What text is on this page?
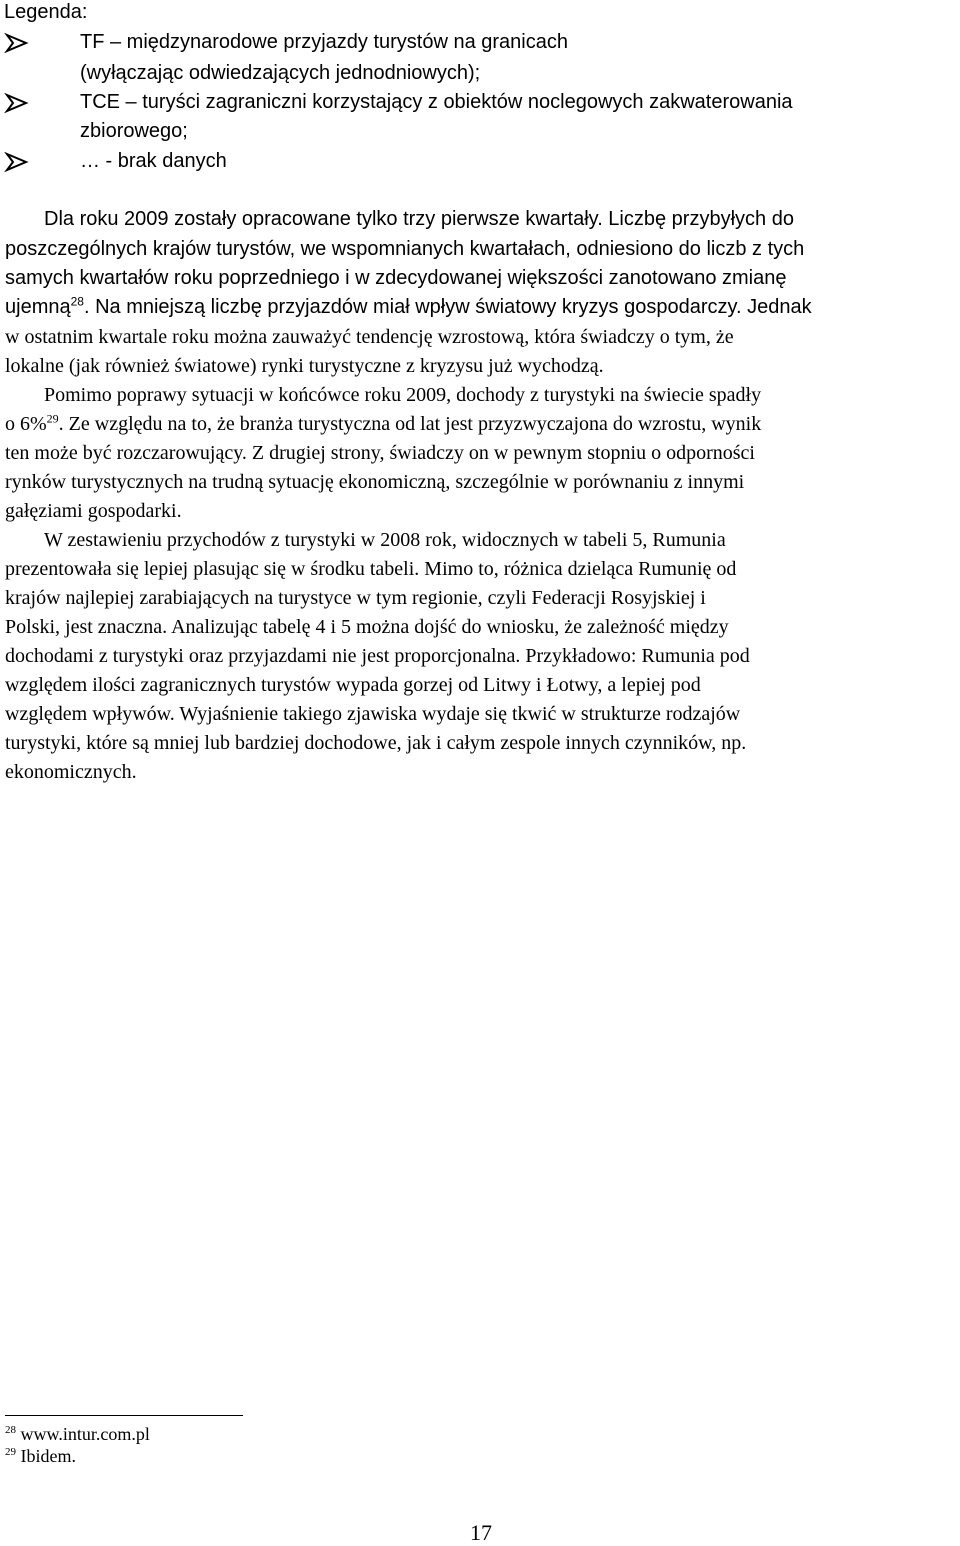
Legenda:
TF – międzynarodowe przyjazdy turystów na granicach
(wyłączając odwiedzających jednodniowych);
TCE – turyści zagraniczni korzystający z obiektów noclegowych zakwaterowania
zbiorowego;
… - brak danych
Dla roku 2009 zostały opracowane tylko trzy pierwsze kwartały. Liczbę przybyłych do
poszczególnych krajów turystów, we wspomnianych kwartałach, odniesiono do liczb z tych
samych kwartałów roku poprzedniego i w zdecydowanej większości zanotowano zmianę
ujemną$^{28}$. Na mniejszą liczbę przyjazdów miał wpływ światowy kryzys gospodarczy. Jednak
w ostatnim kwartale roku można zauważyć tendencję wzrostową, która świadczy o tym, że
lokalne (jak również światowe) rynki turystyczne z kryzysu już wychodzą.
Pomimo poprawy sytuacji w końcówce roku 2009, dochody z turystyki na świecie spadły
o 6%$^{29}$. Ze względu na to, że branża turystyczna od lat jest przyzwyczajona do wzrostu, wynik
ten może być rozczarowujący. Z drugiej strony, świadczy on w pewnym stopniu o odporności
rynków turystycznych na trudną sytuację ekonomiczną, szczególnie w porównaniu z innymi
gałęziami gospodarki.
W zestawieniu przychodów z turystyki w 2008 rok, widocznych w tabeli 5, Rumunia
prezentowała się lepiej plasując się w środku tabeli. Mimo to, różnica dzieląca Rumunię od
krajów najlepiej zarabiających na turystyce w tym regionie, czyli Federacji Rosyjskiej i
Polski, jest znaczna. Analizując tabelę 4 i 5 można dojść do wniosku, że zależność między
dochodami z turystyki oraz przyjazdami nie jest proporcjonalna. Przykładowo: Rumunia pod
względem ilości zagranicznych turystów wypada gorzej od Litwy i Łotwy, a lepiej pod
względem wpływów. Wyjaśnienie takiego zjawiska wydaje się tkwić w strukturze rodzajów
turystyki, które są mniej lub bardziej dochodowe, jak i całym zespole innych czynników, np.
ekonomicznych.
$^{28}$ www.intur.com.pl
$^{29}$ Ibidem.
17
